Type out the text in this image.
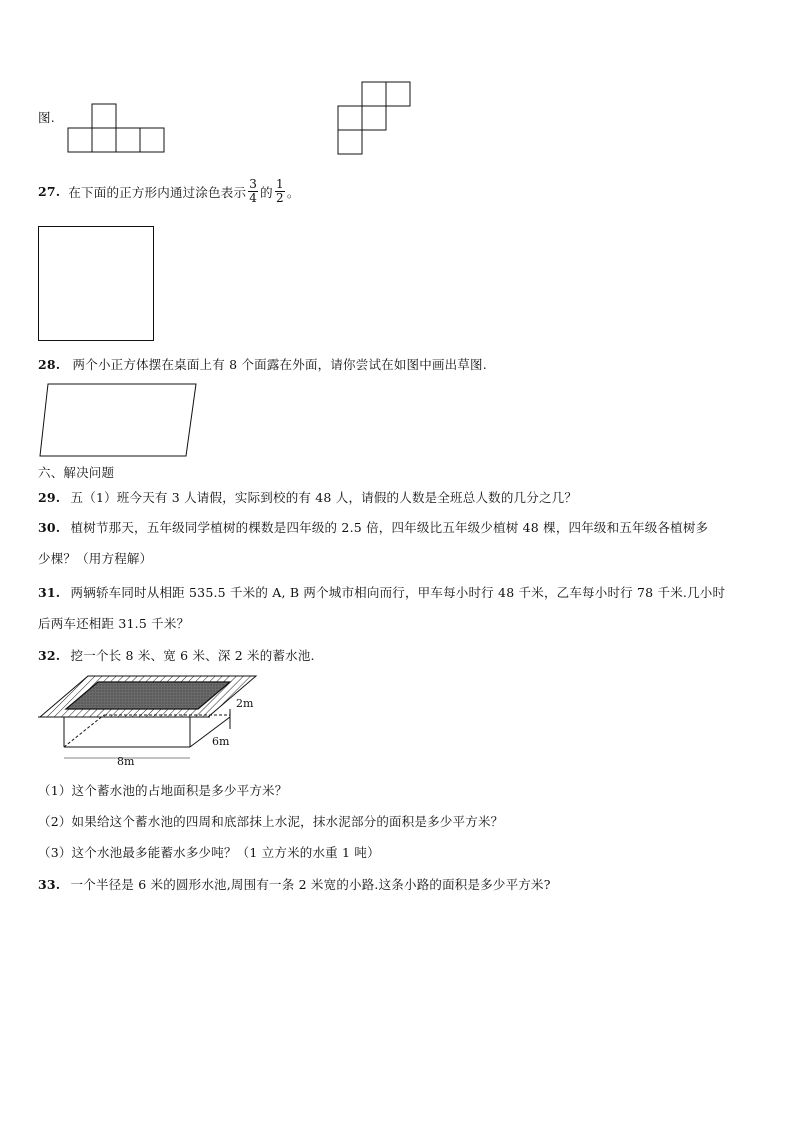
图.
27. 在下面的正方形内通过涂色表示 $\frac{3}{4}$ 的 $\frac{1}{2}$ 。
28. 两个小正方体摆在桌面上有 8 个面露在外面，请你尝试在如图中画出草图.
六、解决问题
29. 五（1）班今天有 3 人请假，实际到校的有 48 人，请假的人数是全班总人数的几分之几？
30. 植树节那天，五年级同学植树的棵数是四年级的 2.5 倍，四年级比五年级少植树 48 棵，四年级和五年级各植树多
少棵？（用方程解）
31. 两辆轿车同时从相距 535.5 千米的 A, B 两个城市相向而行，甲车每小时行 48 千米，乙车每小时行 78 千米.几小时
后两车还相距 31.5 千米？
32. 挖一个长 8 米、宽 6 米、深 2 米的蓄水池.
2m
6m
8m
（1）这个蓄水池的占地面积是多少平方米？
（2）如果给这个蓄水池的四周和底部抹上水泥，抹水泥部分的面积是多少平方米？
（3）这个水池最多能蓄水多少吨？（1 立方米的水重 1 吨）
33. 一个半径是 6 米的圆形水池,周围有一条 2 米宽的小路.这条小路的面积是多少平方米?
